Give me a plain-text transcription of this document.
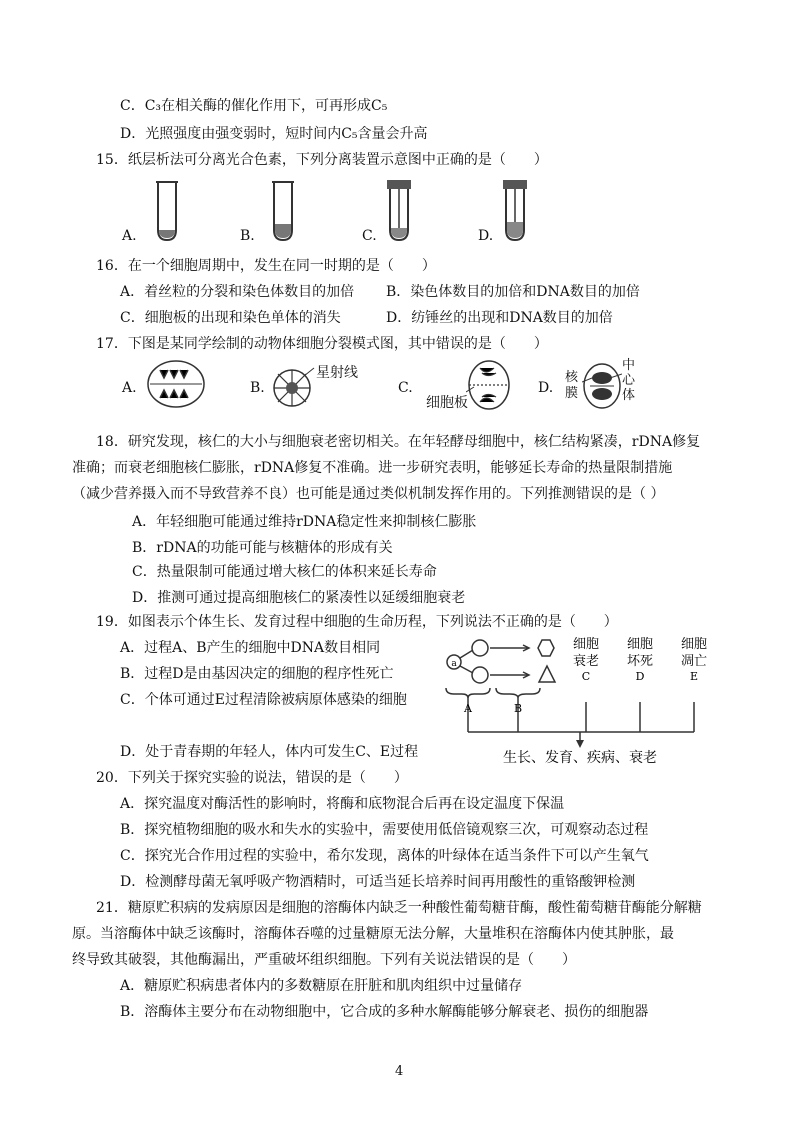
C．C₃在相关酶的催化作用下，可再形成C₅
D．光照强度由强变弱时，短时间内C₅含量会升高
15．纸层析法可分离光合色素，下列分离装置示意图中正确的是（　　）
A.	B.	C.	D.
16．在一个细胞周期中，发生在同一时期的是（　　）
A．着丝粒的分裂和染色体数目的加倍 B．染色体数目的加倍和DNA数目的加倍
C．细胞板的出现和染色单体的消失	D．纺锤丝的出现和DNA数目的加倍
17．下图是某同学绘制的动物体细胞分裂模式图，其中错误的是（　　）
A.	B.
星射线
C.
细胞板
D.
核膜
中心体
18．研究发现，核仁的大小与细胞衰老密切相关。在年轻酵母细胞中，核仁结构紧凑，rDNA修复
准确；而衰老细胞核仁膨胀，rDNA修复不准确。进一步研究表明，能够延长寿命的热量限制措施
（减少营养摄入而不导致营养不良）也可能是通过类似机制发挥作用的。下列推测错误的是（ ）
A．年轻细胞可能通过维持rDNA稳定性来抑制核仁膨胀
B．rDNA的功能可能与核糖体的形成有关
C．热量限制可能通过增大核仁的体积来延长寿命
D．推测可通过提高细胞核仁的紧凑性以延缓细胞衰老
19．如图表示个体生长、发育过程中细胞的生命历程，下列说法不正确的是（　　）
A．过程A、B产生的细胞中DNA数目相同
B．过程D是由基因决定的细胞的程序性死亡
C．个体可通过E过程清除被病原体感染的细胞
D．处于青春期的年轻人，体内可发生C、E过程
a
细胞
衰老
细胞
坏死
细胞
凋亡
A	B
C	D	E
生长、发育、疾病、衰老
20．下列关于探究实验的说法，错误的是（　　）
A．探究温度对酶活性的影响时，将酶和底物混合后再在设定温度下保温
B．探究植物细胞的吸水和失水的实验中，需要使用低倍镜观察三次，可观察动态过程
C．探究光合作用过程的实验中，希尔发现，离体的叶绿体在适当条件下可以产生氧气
D．检测酵母菌无氧呼吸产物酒精时，可适当延长培养时间再用酸性的重铬酸钾检测
21．糖原贮积病的发病原因是细胞的溶酶体内缺乏一种酸性葡萄糖苷酶，酸性葡萄糖苷酶能分解糖
原。当溶酶体中缺乏该酶时，溶酶体吞噬的过量糖原无法分解，大量堆积在溶酶体内使其肿胀，最
终导致其破裂，其他酶漏出，严重破坏组织细胞。下列有关说法错误的是（　　）
A．糖原贮积病患者体内的多数糖原在肝脏和肌肉组织中过量储存
B．溶酶体主要分布在动物细胞中，它合成的多种水解酶能够分解衰老、损伤的细胞器
4
